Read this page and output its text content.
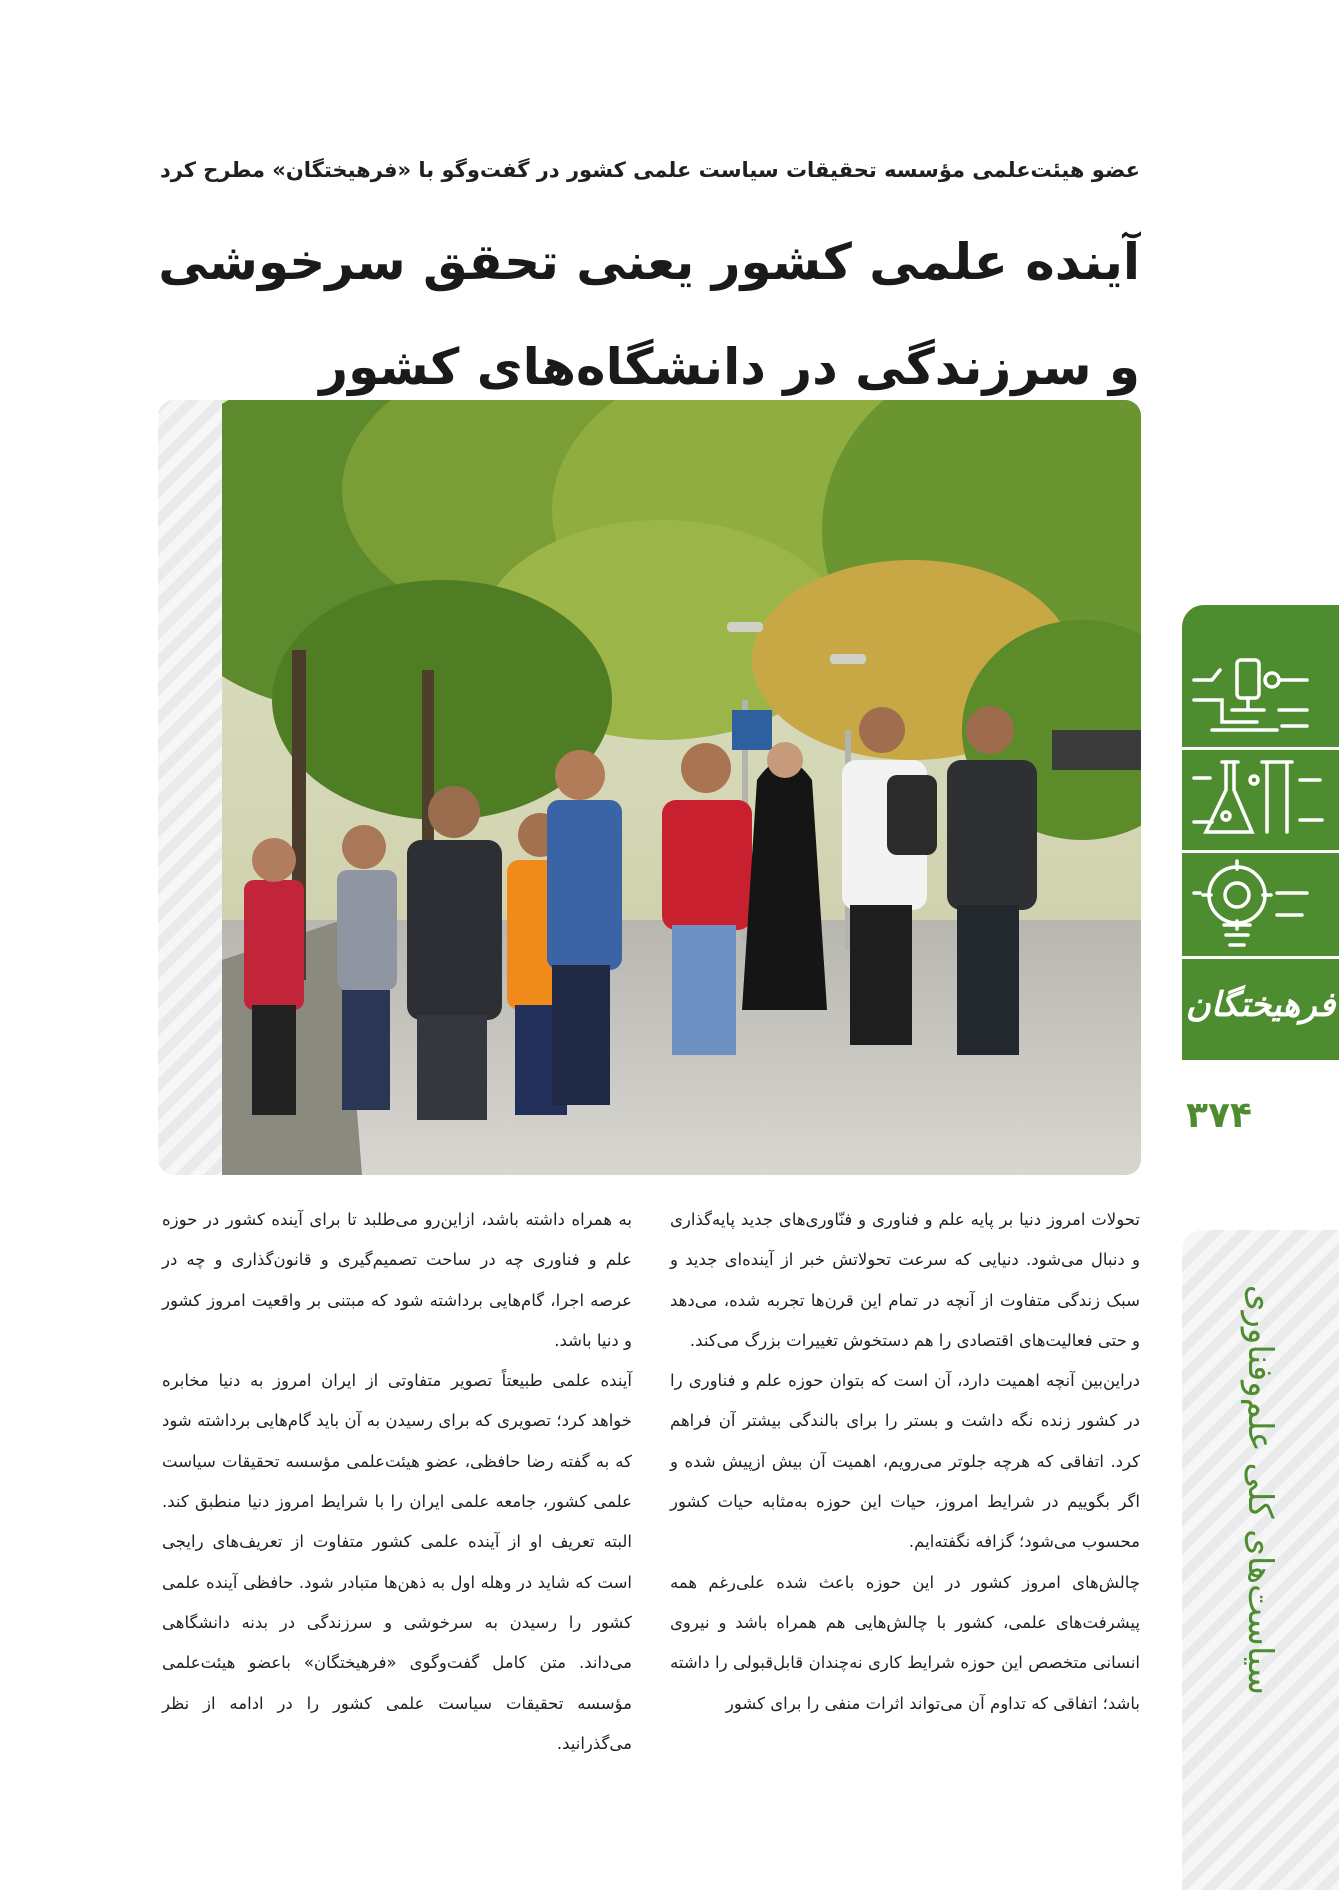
عضو هیئت‌علمی مؤسسه تحقیقات سیاست علمی کشور در گفت‌وگو با «فرهیختگان» مطرح کرد
آینده علمی کشور یعنی تحقق سرخوشی
و سرزندگی در دانشگاه‌های کشور

تحولات امروز دنیا بر پایه علم و فناوری و فنّاوری‌های جدید پایه‌گذاری و دنبال می‌شود. دنیایی که سرعت تحولاتش خبر از آینده‌ای جدید و سبک زندگی متفاوت از آنچه در تمام این قرن‌ها تجربه شده، می‌دهد و حتی فعالیت‌های اقتصادی را هم دستخوش تغییرات بزرگ می‌کند.

دراین‌بین آنچه اهمیت دارد، آن است که بتوان حوزه علم و فناوری را در کشور زنده نگه داشت و بستر را برای بالندگی بیشتر آن فراهم کرد. اتفاقی که هرچه جلوتر می‌رویم، اهمیت آن بیش ازپیش شده و اگر بگوییم در شرایط امروز، حیات این حوزه به‌مثابه حیات کشور محسوب می‌شود؛ گزافه نگفته‌ایم.

چالش‌های امروز کشور در این حوزه باعث شده علی‌رغم همه پیشرفت‌های علمی، کشور با چالش‌هایی هم همراه باشد و نیروی انسانی متخصص این حوزه شرایط کاری نه‌چندان قابل‌قبولی را داشته باشد؛ اتفاقی که تداوم آن می‌تواند اثرات منفی را برای کشور

به همراه داشته باشد، ازاین‌رو می‌طلبد تا برای آینده کشور در حوزه علم و فناوری چه در ساحت تصمیم‌گیری و قانون‌گذاری و چه در عرصه اجرا، گام‌هایی برداشته شود که مبتنی بر واقعیت امروز کشور و دنیا باشد.

آینده علمی طبیعتاً تصویر متفاوتی از ایران امروز به دنیا مخابره خواهد کرد؛ تصویری که برای رسیدن به آن باید گام‌هایی برداشته شود که به گفته رضا حافظی، عضو هیئت‌علمی مؤسسه تحقیقات سیاست علمی کشور، جامعه علمی ایران را با شرایط امروز دنیا منطبق کند. البته تعریف او از آینده علمی کشور متفاوت از تعریف‌های رایجی است که شاید در وهله اول به ذهن‌ها متبادر شود. حافظی آینده علمی کشور را رسیدن به سرخوشی و سرزندگی در بدنه دانشگاهی می‌داند. متن کامل گفت‌وگوی «فرهیختگان» باعضو هیئت‌علمی مؤسسه تحقیقات سیاست علمی کشور را در ادامه از نظر می‌گذرانید.

فرهیختگان
۳۷۴
سیاست‌های کلی علم‌وفناوری
